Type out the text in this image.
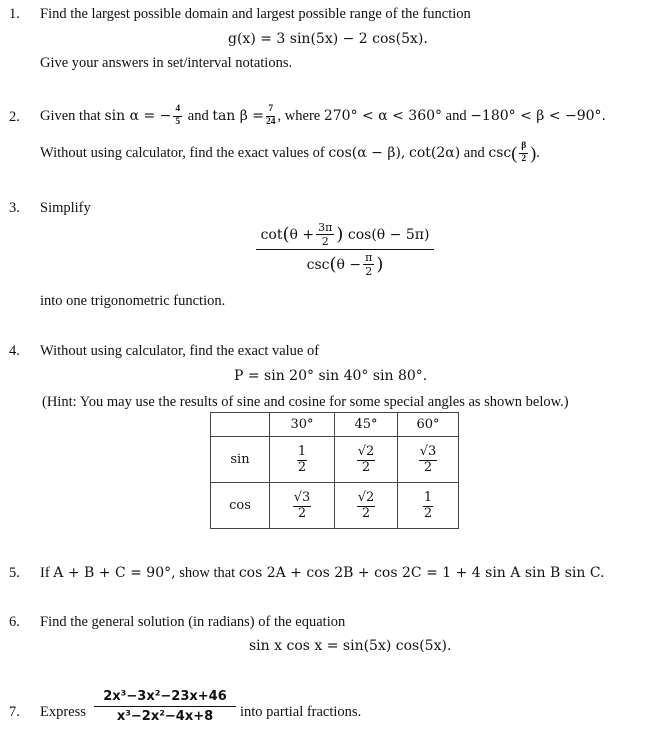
1. Find the largest possible domain and largest possible range of the function
g(x) = 3 sin(5x) − 2 cos(5x).
Give your answers in set/interval notations.
2. Given that
sin α = − $\frac{4}{5}$
and
$\tan \beta = \frac{7}{24}$ , where
270° < α < 360°
and
−180° < β < −90°.
Without using calculator, find the exact values of
cos(α − β),
cot(2α)
and
csc ( $\frac{\beta}{2}$ ) .
3. Simplify
cot ( $\theta + \frac{3\pi}{2}$ )
cos(θ − 5π)
csc ( $\theta - \frac{\pi}{2}$ )
into one trigonometric function.
4. Without using calculator, find the exact value of
P = sin 20° sin 40° sin 80°.
(Hint: You may use the results of sine and cosine for some special angles as shown below.)
	30°	45°	60°
sin	$\frac{1}{2}$	$\frac{√2}{2}$	$\frac{√3}{2}$

cos	$\frac{√3}{2}$	$\frac{√2}{2}$	$\frac{1}{2}$
5. If A + B + C = 90°, show that cos 2A + cos 2B + cos 2C = 1 + 4 sin A sin B sin C.
6. Find the general solution (in radians) of the equation
sin x cos x = sin(5x) cos(5x).
7. Express $\frac{\text{2x³−3x²−23x+46}}{\text{x³−2x²−4x+8}}$ into partial fractions.
